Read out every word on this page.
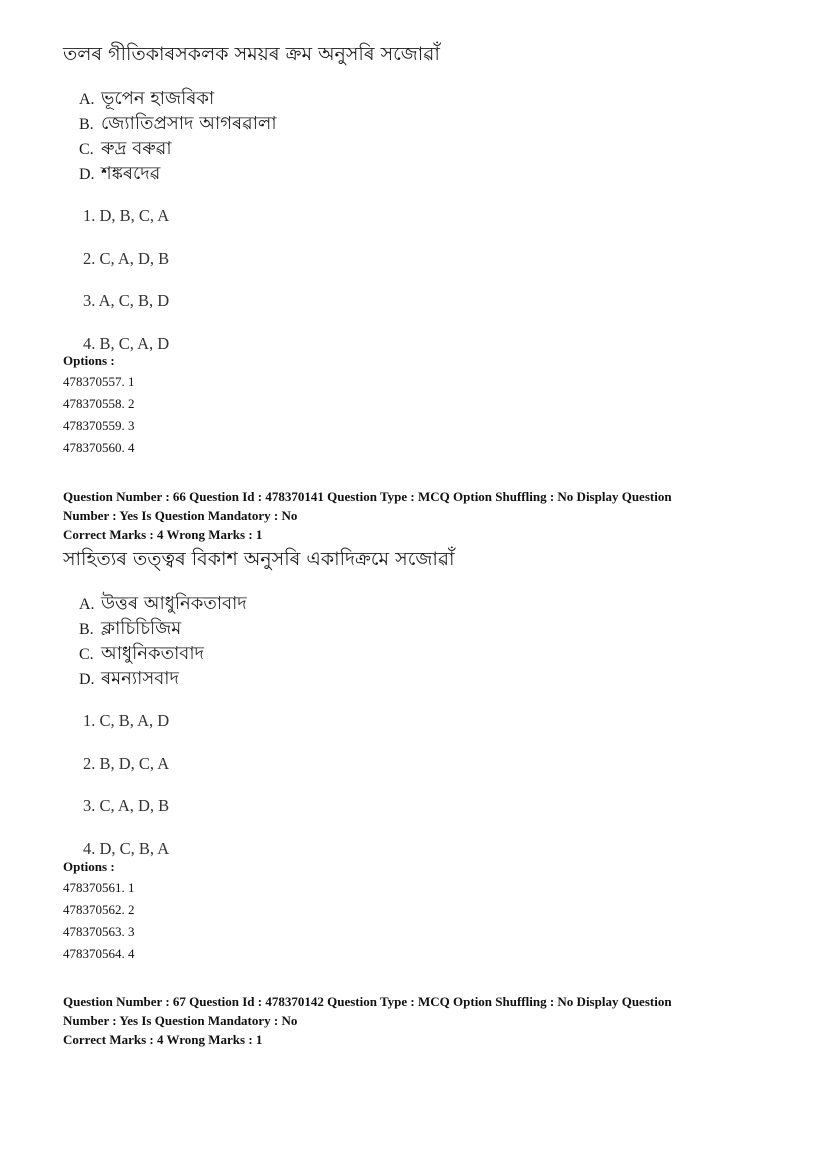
তলৰ গীতিকাৰসকলক সময়ৰ ক্ৰম অনুসৰি সজোৱাঁ
A. ভূপেন হাজৰিকা
B. জ্যোতিপ্ৰসাদ আগৰৱালা
C. ৰুদ্ৰ বৰুৱা
D. শঙ্কৰদেৱ
1. D, B, C, A
2. C, A, D, B
3. A, C, B, D
4. B, C, A, D
Options :
478370557. 1
478370558. 2
478370559. 3
478370560. 4
Question Number : 66 Question Id : 478370141 Question Type : MCQ Option Shuffling : No Display Question
Number : Yes Is Question Mandatory : No
Correct Marks : 4 Wrong Marks : 1
সাহিত্যৰ তত্ত্বৰ বিকাশ অনুসৰি একাদিক্ৰমে সজোৱাঁ
A. উত্তৰ আধুনিকতাবাদ
B. ক্লাচিচিজিম
C. আধুনিকতাবাদ
D. ৰমন্যাসবাদ
1. C, B, A, D
2. B, D, C, A
3. C, A, D, B
4. D, C, B, A
Options :
478370561. 1
478370562. 2
478370563. 3
478370564. 4
Question Number : 67 Question Id : 478370142 Question Type : MCQ Option Shuffling : No Display Question
Number : Yes Is Question Mandatory : No
Correct Marks : 4 Wrong Marks : 1
